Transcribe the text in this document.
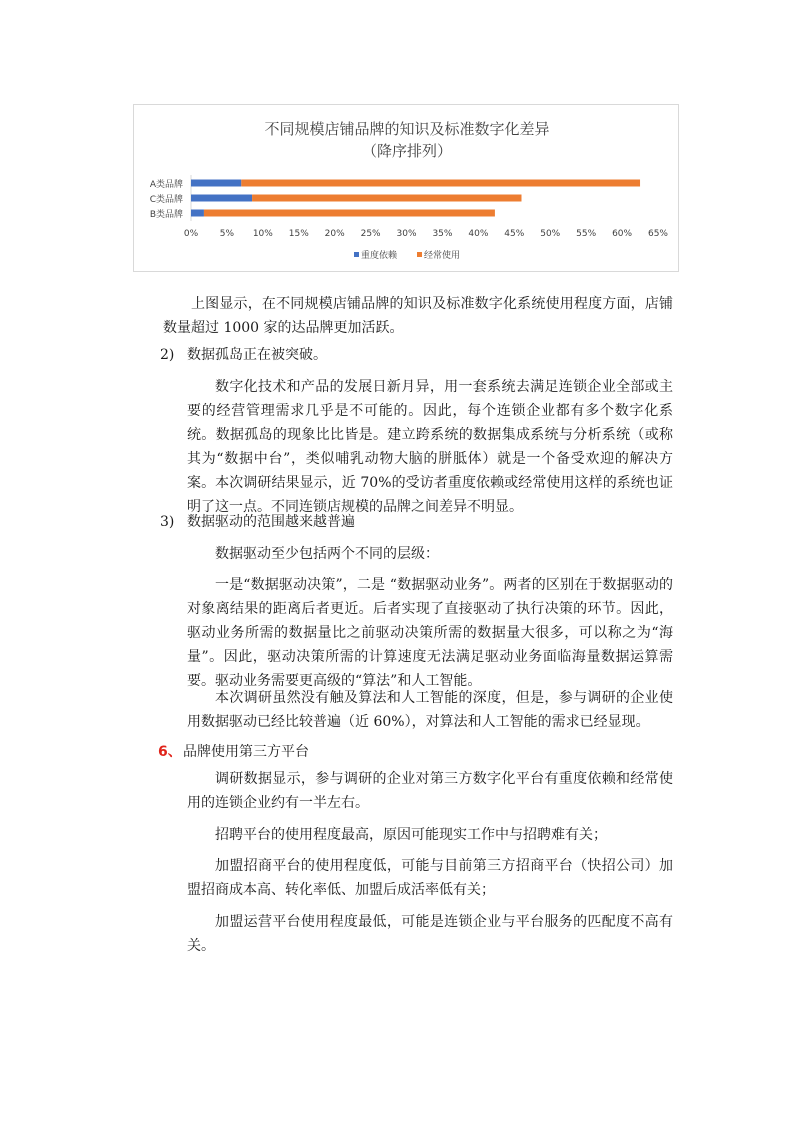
不同规模店铺品牌的知识及标准数字化差异
（降序排列）
A类品牌
C类品牌
B类品牌
0% 5% 10% 15% 20% 25% 30% 35% 40% 45% 50% 55% 60% 65%
重度依赖	经常使用
上图显示，在不同规模店铺品牌的知识及标准数字化系统使用程度方面，店铺数量超过 1000 家的达品牌更加活跃。
2) 数据孤岛正在被突破。
数字化技术和产品的发展日新月异，用一套系统去满足连锁企业全部或主要的经营管理需求几乎是不可能的。因此，每个连锁企业都有多个数字化系统。数据孤岛的现象比比皆是。建立跨系统的数据集成系统与分析系统（或称其为“数据中台”，类似哺乳动物大脑的胼胝体）就是一个备受欢迎的解决方案。本次调研结果显示，近 70%的受访者重度依赖或经常使用这样的系统也证明了这一点。不同连锁店规模的品牌之间差异不明显。
3) 数据驱动的范围越来越普遍
数据驱动至少包括两个不同的层级：
一是“数据驱动决策”，二是 “数据驱动业务”。两者的区别在于数据驱动的对象离结果的距离后者更近。后者实现了直接驱动了执行决策的环节。因此，驱动业务所需的数据量比之前驱动决策所需的数据量大很多，可以称之为“海量”。因此，驱动决策所需的计算速度无法满足驱动业务面临海量数据运算需要。驱动业务需要更高级的“算法”和人工智能。
本次调研虽然没有触及算法和人工智能的深度，但是，参与调研的企业使用数据驱动已经比较普遍（近 60%），对算法和人工智能的需求已经显现。
6、 品牌使用第三方平台
调研数据显示，参与调研的企业对第三方数字化平台有重度依赖和经常使用的连锁企业约有一半左右。
招聘平台的使用程度最高，原因可能现实工作中与招聘难有关；
加盟招商平台的使用程度低，可能与目前第三方招商平台（快招公司）加盟招商成本高、转化率低、加盟后成活率低有关；
加盟运营平台使用程度最低，可能是连锁企业与平台服务的匹配度不高有关。
